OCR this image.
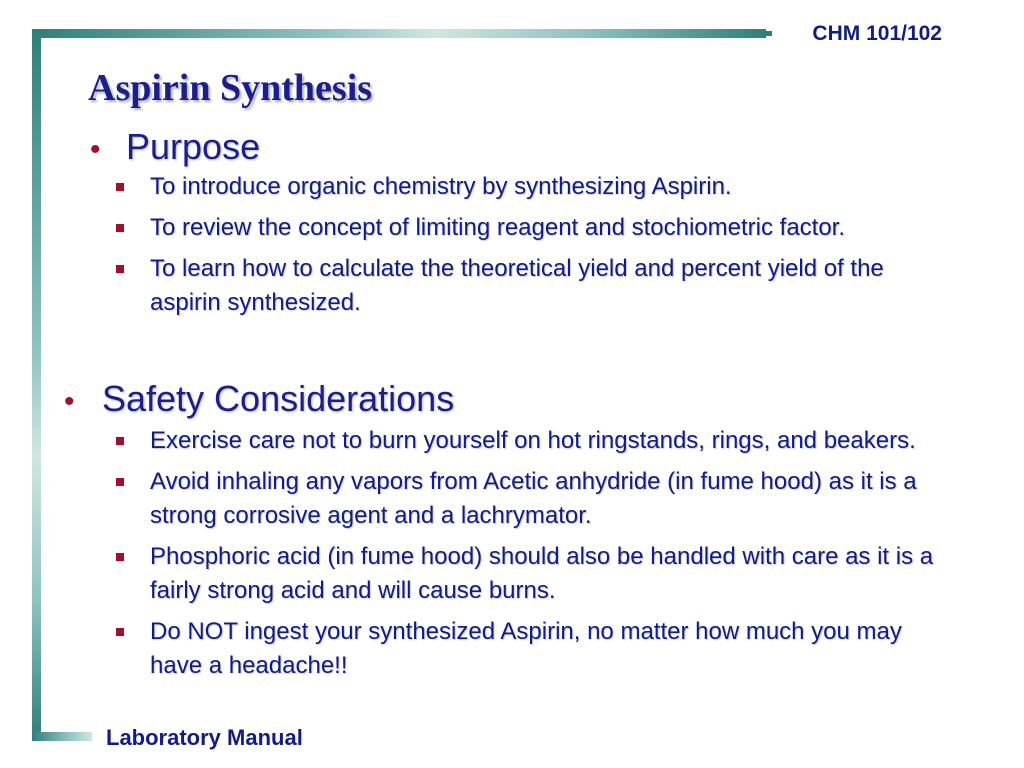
CHM 101/102
Aspirin Synthesis
• Purpose
To introduce organic chemistry by synthesizing Aspirin.
To review the concept of limiting reagent and stochiometric factor.
To learn how to calculate the theoretical yield and percent yield of the aspirin synthesized.
• Safety Considerations
Exercise care not to burn yourself on hot ringstands, rings, and beakers.
Avoid inhaling any vapors from Acetic anhydride (in fume hood) as it is a strong corrosive agent and a lachrymator.
Phosphoric acid (in fume hood) should also be handled with care as it is a fairly strong acid and will cause burns.
Do NOT ingest your synthesized Aspirin, no matter how much you may have a headache!!
Laboratory Manual
